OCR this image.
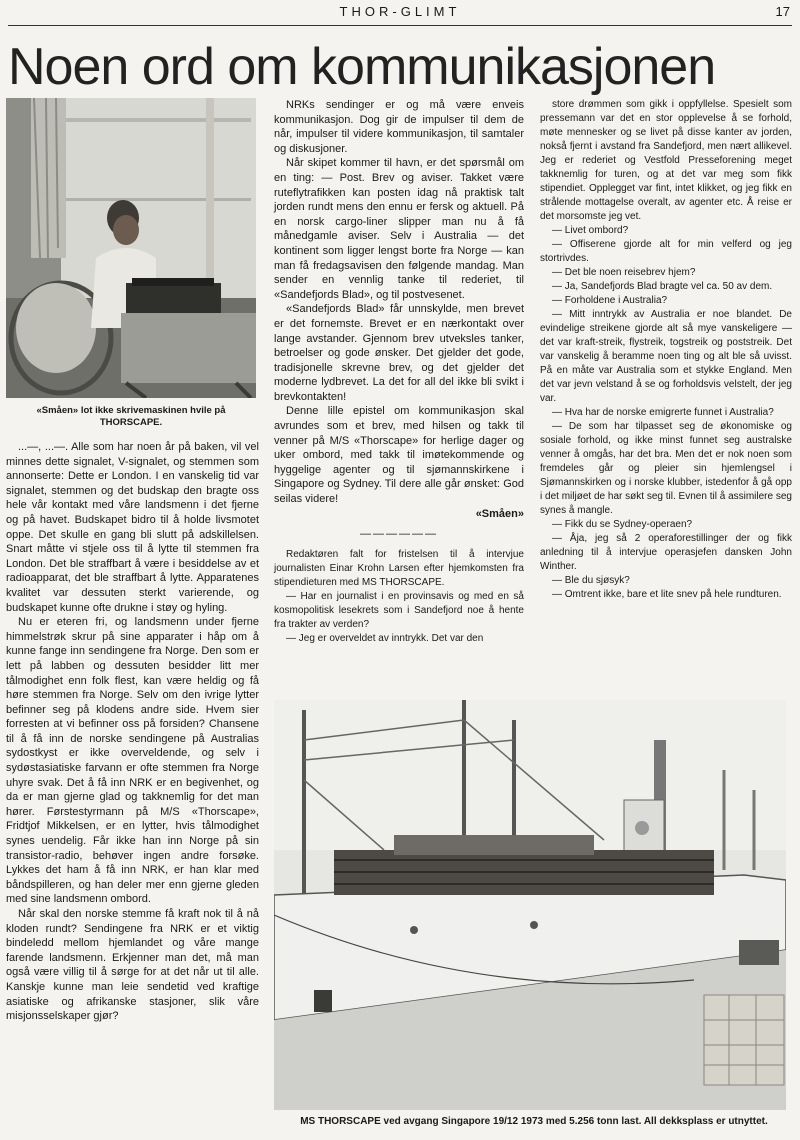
THOR-GLIMT	17
Noen ord om kommunikasjonen
«Småen» lot ikke skrivemaskinen hvile på THORSCAPE.

...—, ...—. Alle som har noen år på baken, vil vel minnes dette signalet, V-signalet, og stemmen som annonserte: Dette er London. I en vanskelig tid var signalet, stemmen og det budskap den bragte oss hele vår kontakt med våre landsmenn i det fjerne og på havet. Budskapet bidro til å holde livsmotet oppe. Det skulle en gang bli slutt på adskillelsen. Snart måtte vi stjele oss til å lytte til stemmen fra London. Det ble straffbart å være i besiddelse av et radioapparat, det ble straffbart å lytte. Apparatenes kvalitet var dessuten sterkt varierende, og budskapet kunne ofte drukne i støy og hyling.

Nu er eteren fri, og landsmenn under fjerne himmelstrøk skrur på sine apparater i håp om å kunne fange inn sendingene fra Norge. Den som er lett på labben og dessuten besidder litt mer tålmodighet enn folk flest, kan være heldig og få høre stemmen fra Norge. Selv om den ivrige lytter befinner seg på klodens andre side. Hvem sier forresten at vi befinner oss på forsiden? Chansene til å få inn de norske sendingene på Australias sydostkyst er ikke overveldende, og selv i sydøstasiatiske farvann er ofte stemmen fra Norge uhyre svak. Det å få inn NRK er en begivenhet, og da er man gjerne glad og takknemlig for det man hører. Førstestyrmann på M/S «Thorscape», Fridtjof Mikkelsen, er en lytter, hvis tålmodighet synes uendelig. Får ikke han inn Norge på sin transistor-radio, behøver ingen andre forsøke. Lykkes det ham å få inn NRK, er han klar med båndspilleren, og han deler mer enn gjerne gleden med sine landsmenn ombord.

Når skal den norske stemme få kraft nok til å nå kloden rundt? Sendingene fra NRK er et viktig bindeledd mellom hjemlandet og våre mange farende landsmenn. Erkjenner man det, må man også være villig til å sørge for at det når ut til alle. Kanskje kunne man leie sendetid ved kraftige asiatiske og afrikanske stasjoner, slik våre misjonsselskaper gjør?

NRKs sendinger er og må være enveis kommunikasjon. Dog gir de impulser til dem de når, impulser til videre kommunikasjon, til samtaler og diskusjoner.

Når skipet kommer til havn, er det spørsmål om en ting: — Post. Brev og aviser. Takket være ruteflytrafikken kan posten idag nå praktisk talt jorden rundt mens den ennu er fersk og aktuell. På en norsk cargo-liner slipper man nu å få månedgamle aviser. Selv i Australia — det kontinent som ligger lengst borte fra Norge — kan man få fredagsavisen den følgende mandag. Man sender en vennlig tanke til rederiet, til «Sandefjords Blad», og til postvesenet.

«Sandefjords Blad» får unnskylde, men brevet er det fornemste. Brevet er en nærkontakt over lange avstander. Gjennom brev utveksles tanker, betroelser og gode ønsker. Det gjelder det gode, tradisjonelle skrevne brev, og det gjelder det moderne lydbrevet. La det for all del ikke bli svikt i brevkontakten!

Denne lille epistel om kommunikasjon skal avrundes som et brev, med hilsen og takk til venner på M/S «Thorscape» for herlige dager og uker ombord, med takk til imøtekommende og hyggelige agenter og til sjømannskirkene i Singapore og Sydney. Til dere alle går ønsket: God seilas videre!

«Småen»

——————

Redaktøren falt for fristelsen til å intervjue journalisten Einar Krohn Larsen efter hjemkomsten fra stipendieturen med MS THORSCAPE.

— Har en journalist i en provinsavis og med en så kosmopolitisk lesekrets som i Sandefjord noe å hente fra trakter av verden?

— Jeg er overveldet av inntrykk. Det var den

store drømmen som gikk i oppfyllelse. Spesielt som pressemann var det en stor opplevelse å se forhold, møte mennesker og se livet på disse kanter av jorden, nokså fjernt i avstand fra Sandefjord, men nært allikevel. Jeg er rederiet og Vestfold Presseforening meget takknemlig for turen, og at det var meg som fikk stipendiet. Opplegget var fint, intet klikket, og jeg fikk en strålende mottagelse overalt, av agenter etc. Å reise er det morsomste jeg vet.

— Livet ombord?

— Offiserene gjorde alt for min velferd og jeg stortrivdes.

— Det ble noen reisebrev hjem?

— Ja, Sandefjords Blad bragte vel ca. 50 av dem.

— Forholdene i Australia?

— Mitt inntrykk av Australia er noe blandet. De evindelige streikene gjorde alt så mye vanskeligere — det var kraft-streik, flystreik, togstreik og poststreik. Det var vanskelig å beramme noen ting og alt ble så uvisst. På en måte var Australia som et stykke England. Men det var jevn velstand å se og forholdsvis velstelt, der jeg var.

— Hva har de norske emigrerte funnet i Australia?

— De som har tilpasset seg de økonomiske og sosiale forhold, og ikke minst funnet seg australske venner å omgås, har det bra. Men det er nok noen som fremdeles går og pleier sin hjemlengsel i Sjømannskirken og i norske klubber, istedenfor å gå opp i det miljøet de har søkt seg til. Evnen til å assimilere seg synes å mangle.

— Fikk du se Sydney-operaen?

— Åja, jeg så 2 operaforestillinger der og fikk anledning til å intervjue operasjefen dansken John Winther.

— Ble du sjøsyk?

— Omtrent ikke, bare et lite snev på hele rundturen.

MS THORSCAPE ved avgang Singapore 19/12 1973 med 5.256 tonn last. All dekksplass er utnyttet.
